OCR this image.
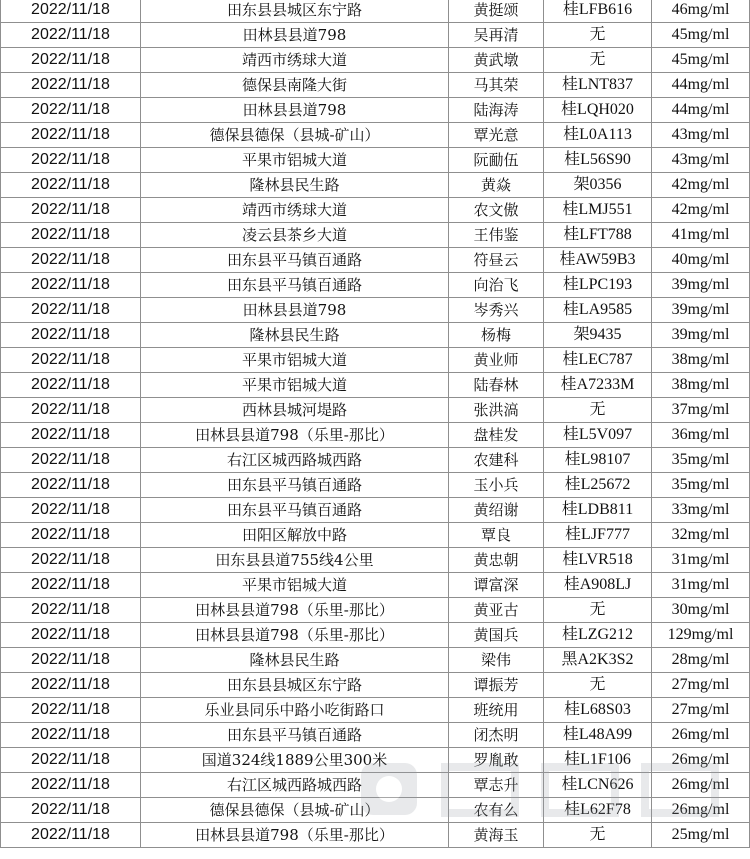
2022/11/18	田东县县城区东宁路	黄挺颂	桂LFB616	46mg/ml
2022/11/18	田林县县道798	吴再清	无	45mg/ml
2022/11/18	靖西市绣球大道	黄武墩	无	45mg/ml
2022/11/18	德保县南隆大街	马其荣	桂LNT837	44mg/ml
2022/11/18	田林县县道798	陆海涛	桂LQH020	44mg/ml
2022/11/18	德保县德保（县城-矿山）	覃光意	桂L0A113	43mg/ml
2022/11/18	平果市铝城大道	阮勔伍	桂L56S90	43mg/ml
2022/11/18	隆林县民生路	黄焱	架0356	42mg/ml
2022/11/18	靖西市绣球大道	农文傲	桂LMJ551	42mg/ml
2022/11/18	凌云县茶乡大道	王伟鉴	桂LFT788	41mg/ml
2022/11/18	田东县平马镇百通路	符昼云	桂AW59B3	40mg/ml
2022/11/18	田东县平马镇百通路	向治飞	桂LPC193	39mg/ml
2022/11/18	田林县县道798	岑秀兴	桂LA9585	39mg/ml
2022/11/18	隆林县民生路	杨梅	架9435	39mg/ml
2022/11/18	平果市铝城大道	黄业师	桂LEC787	38mg/ml
2022/11/18	平果市铝城大道	陆春林	桂A7233M	38mg/ml
2022/11/18	西林县城河堤路	张洪滈	无	37mg/ml
2022/11/18	田林县县道798（乐里-那比）	盘桂发	桂L5V097	36mg/ml
2022/11/18	右江区城西路城西路	农建科	桂L98107	35mg/ml
2022/11/18	田东县平马镇百通路	玉小兵	桂L25672	35mg/ml
2022/11/18	田东县平马镇百通路	黄绍谢	桂LDB811	33mg/ml
2022/11/18	田阳区解放中路	覃良	桂LJF777	32mg/ml
2022/11/18	田东县县道755线4公里	黄忠朝	桂LVR518	31mg/ml
2022/11/18	平果市铝城大道	谭富深	桂A908LJ	31mg/ml
2022/11/18	田林县县道798（乐里-那比）	黄亚古	无	30mg/ml
2022/11/18	田林县县道798（乐里-那比）	黄国兵	桂LZG212	129mg/ml
2022/11/18	隆林县民生路	梁伟	黑A2K3S2	28mg/ml
2022/11/18	田东县县城区东宁路	谭振芳	无	27mg/ml
2022/11/18	乐业县同乐中路小吃街路口	班统用	桂L68S03	27mg/ml
2022/11/18	田东县平马镇百通路	闭杰明	桂L48A99	26mg/ml
2022/11/18	国道324线1889公里300米	罗胤敢	桂L1F106	26mg/ml
2022/11/18	右江区城西路城西路	覃志升	桂LCN626	26mg/ml
2022/11/18	德保县德保（县城-矿山）	农有么	桂L62F78	26mg/ml
2022/11/18	田林县县道798（乐里-那比）	黄海玉	无	25mg/ml
